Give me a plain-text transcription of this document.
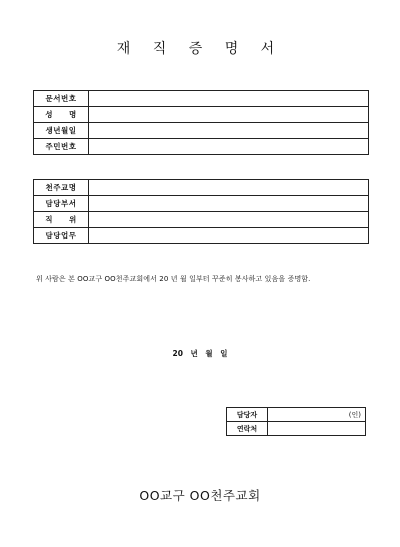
재 직 증 명 서
문서번호	
성　　명	
생년월일	
주민번호	
천주교명	
담당부서	
직　　위	
담당업무	
위 사람은 본 OO교구 OO천주교회에서 20 년 월 일부터 꾸준히 봉사하고 있음을 증명함.
20 년 월 일
담당자	(인)
연락처	
OO교구 OO천주교회
